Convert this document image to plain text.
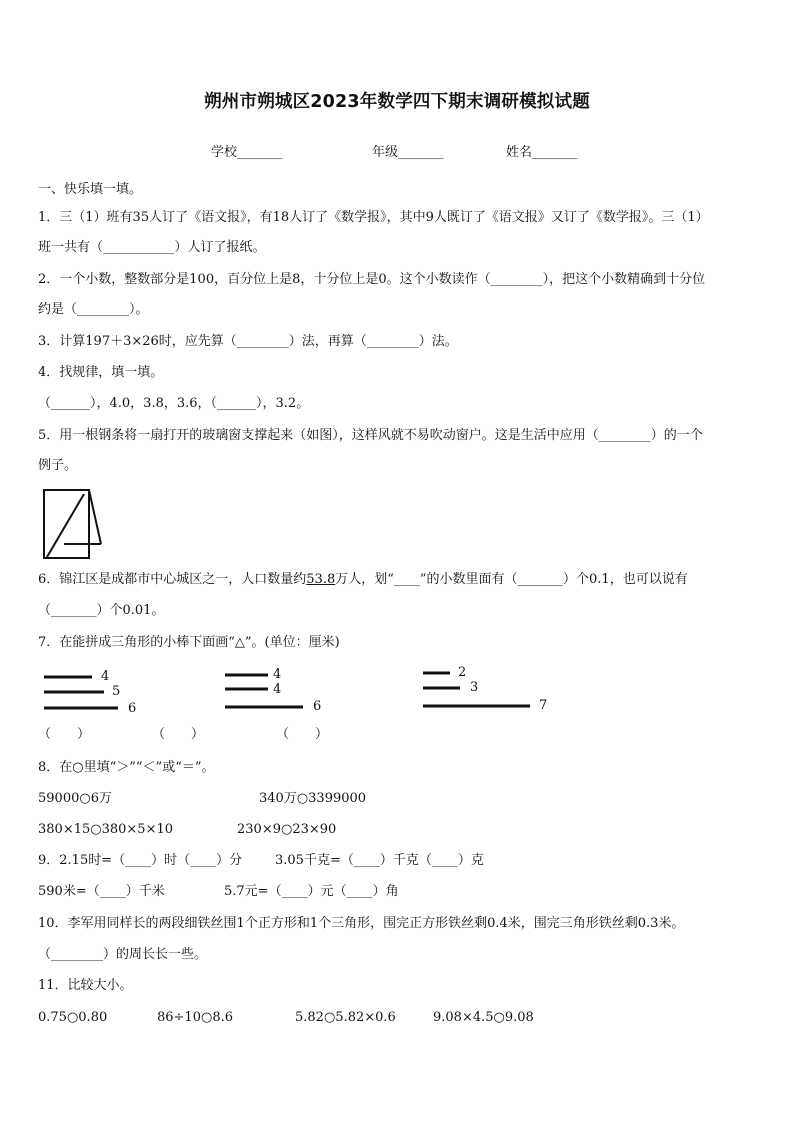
朔州市朔城区2023年数学四下期末调研模拟试题
学校_______	年级_______	姓名_______
一、快乐填一填。
1．三（1）班有35人订了《语文报》，有18人订了《数学报》，其中9人既订了《语文报》又订了《数学报》。三（1）
班一共有（___________）人订了报纸。
2．一个小数，整数部分是100，百分位上是8，十分位上是0。这个小数读作（________），把这个小数精确到十分位
约是（________）。
3．计算197＋3×26时，应先算（________）法，再算（________）法。
4．找规律，填一填。
（______），4.0，3.8，3.6，（______），3.2。
5．用一根钢条将一扇打开的玻璃窗支撑起来（如图），这样风就不易吹动窗户。这是生活中应用（________）的一个
例子。
6．锦江区是成都市中心城区之一，人口数量约53.8万人，划“____”的小数里面有（_______）个0.1，也可以说有
（_______）个0.01。
7．在能拼成三角形的小棒下面画“△”。(单位：厘米)
4
5
6
4
4
6
2
3
7
（　　）	（　　）	（　　）
8．在○里填“＞”“＜”或“＝”。
59000○6万	340万○3399000
380×15○380×5×10	230×9○23×90
9．2.15时=（____）时（____）分	3.05千克=（____）千克（____）克
590米=（____）千米	5.7元=（____）元（____）角
10．李军用同样长的两段细铁丝围1个正方形和1个三角形，围完正方形铁丝剩0.4米，围完三角形铁丝剩0.3米。
（________）的周长长一些。
11．比较大小。
0.75○0.80	86÷10○8.6	5.82○5.82×0.6	9.08×4.5○9.08
